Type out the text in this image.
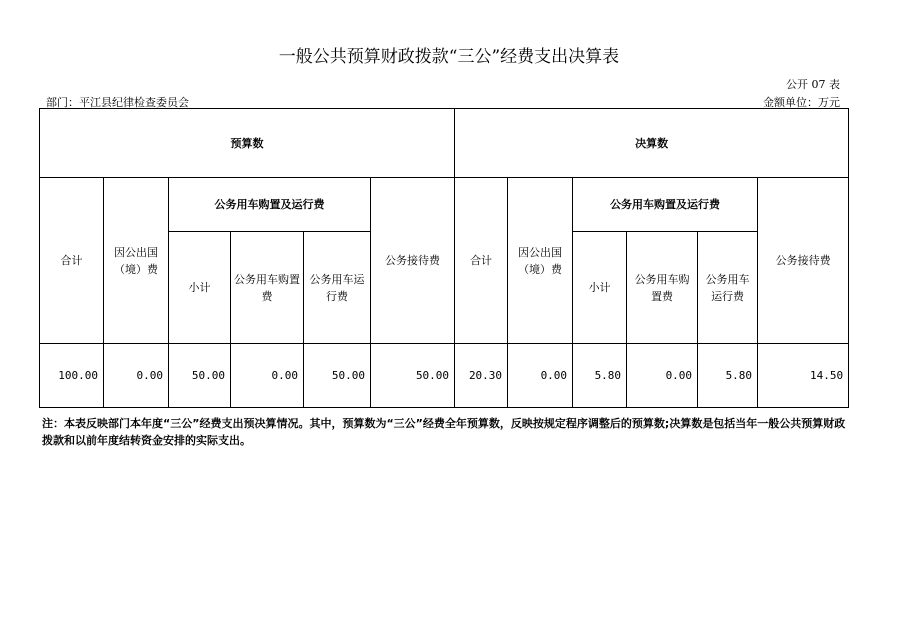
一般公共预算财政拨款“三公”经费支出决算表
公开 07 表
部门：平江县纪律检查委员会	金额单位：万元
预算数						决算数					
合计	因公出国（境）费	公务用车购置及运行费			公务接待费	合计	因公出国（境）费	公务用车购置及运行费			公务接待费
		小计	公务用车购置费	公务用车运行费				小计	公务用车购置费	公务用车运行费	
100.00	0.00	50.00	0.00	50.00	50.00	20.30	0.00	5.80	0.00	5.80	14.50
注：本表反映部门本年度“三公”经费支出预决算情况。其中，预算数为“三公”经费全年预算数，反映按规定程序调整后的预算数;决算数是包括当年一般公共预算财政拨款和以前年度结转资金安排的实际支出。
